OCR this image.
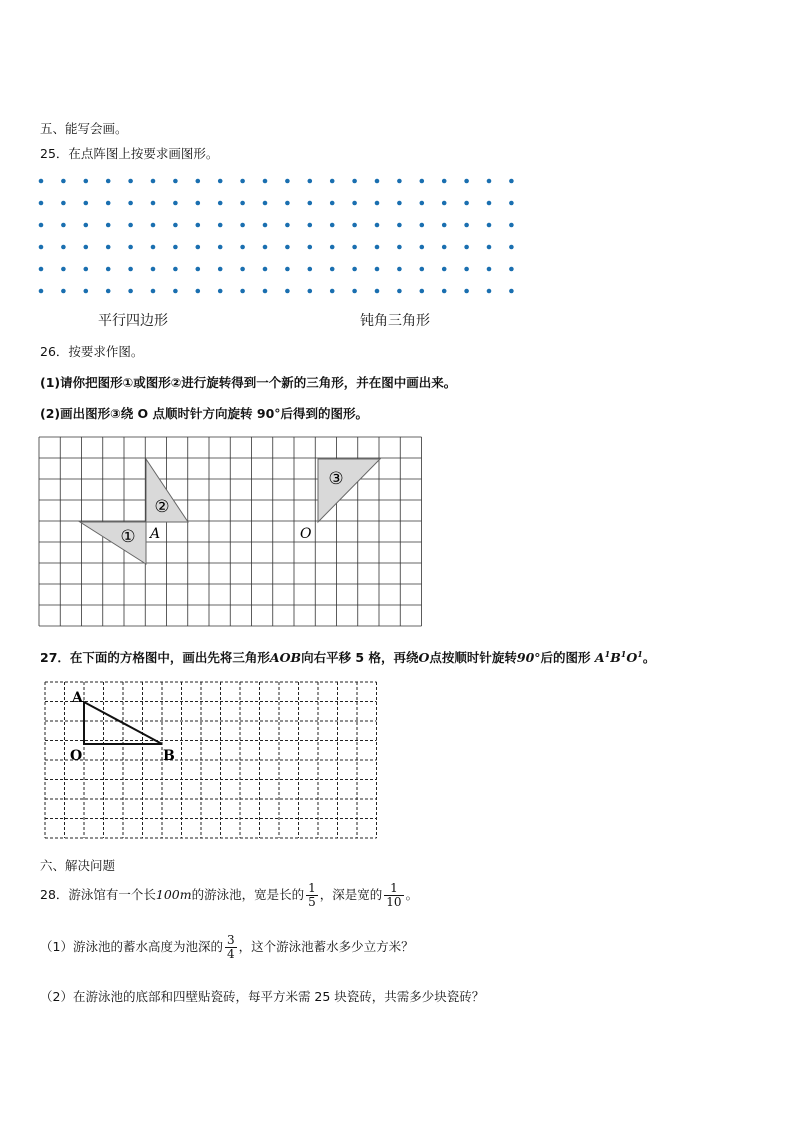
五、能写会画。
25．在点阵图上按要求画图形。
平行四边形	钝角三角形
26．按要求作图。
(1)请你把图形①或图形②进行旋转得到一个新的三角形，并在图中画出来。
(2)画出图形③绕 O 点顺时针方向旋转 90°后得到的图形。
①
②
③
A	O
27．在下面的方格图中，画出先将三角形AOB向右平移 5 格，再绕O点按顺时针旋转90°后的图形 $A^1B^1O^1$。
A
O	B
六、解决问题
28．游泳馆有一个长100m的游泳池，宽是长的 $\frac{1}{5}$ ，深是宽的 $\frac{1}{10}$ 。
（1）游泳池的蓄水高度为池深的 $\frac{3}{4}$ ，这个游泳池蓄水多少立方米？
（2）在游泳池的底部和四壁贴瓷砖，每平方米需 25 块瓷砖，共需多少块瓷砖？
